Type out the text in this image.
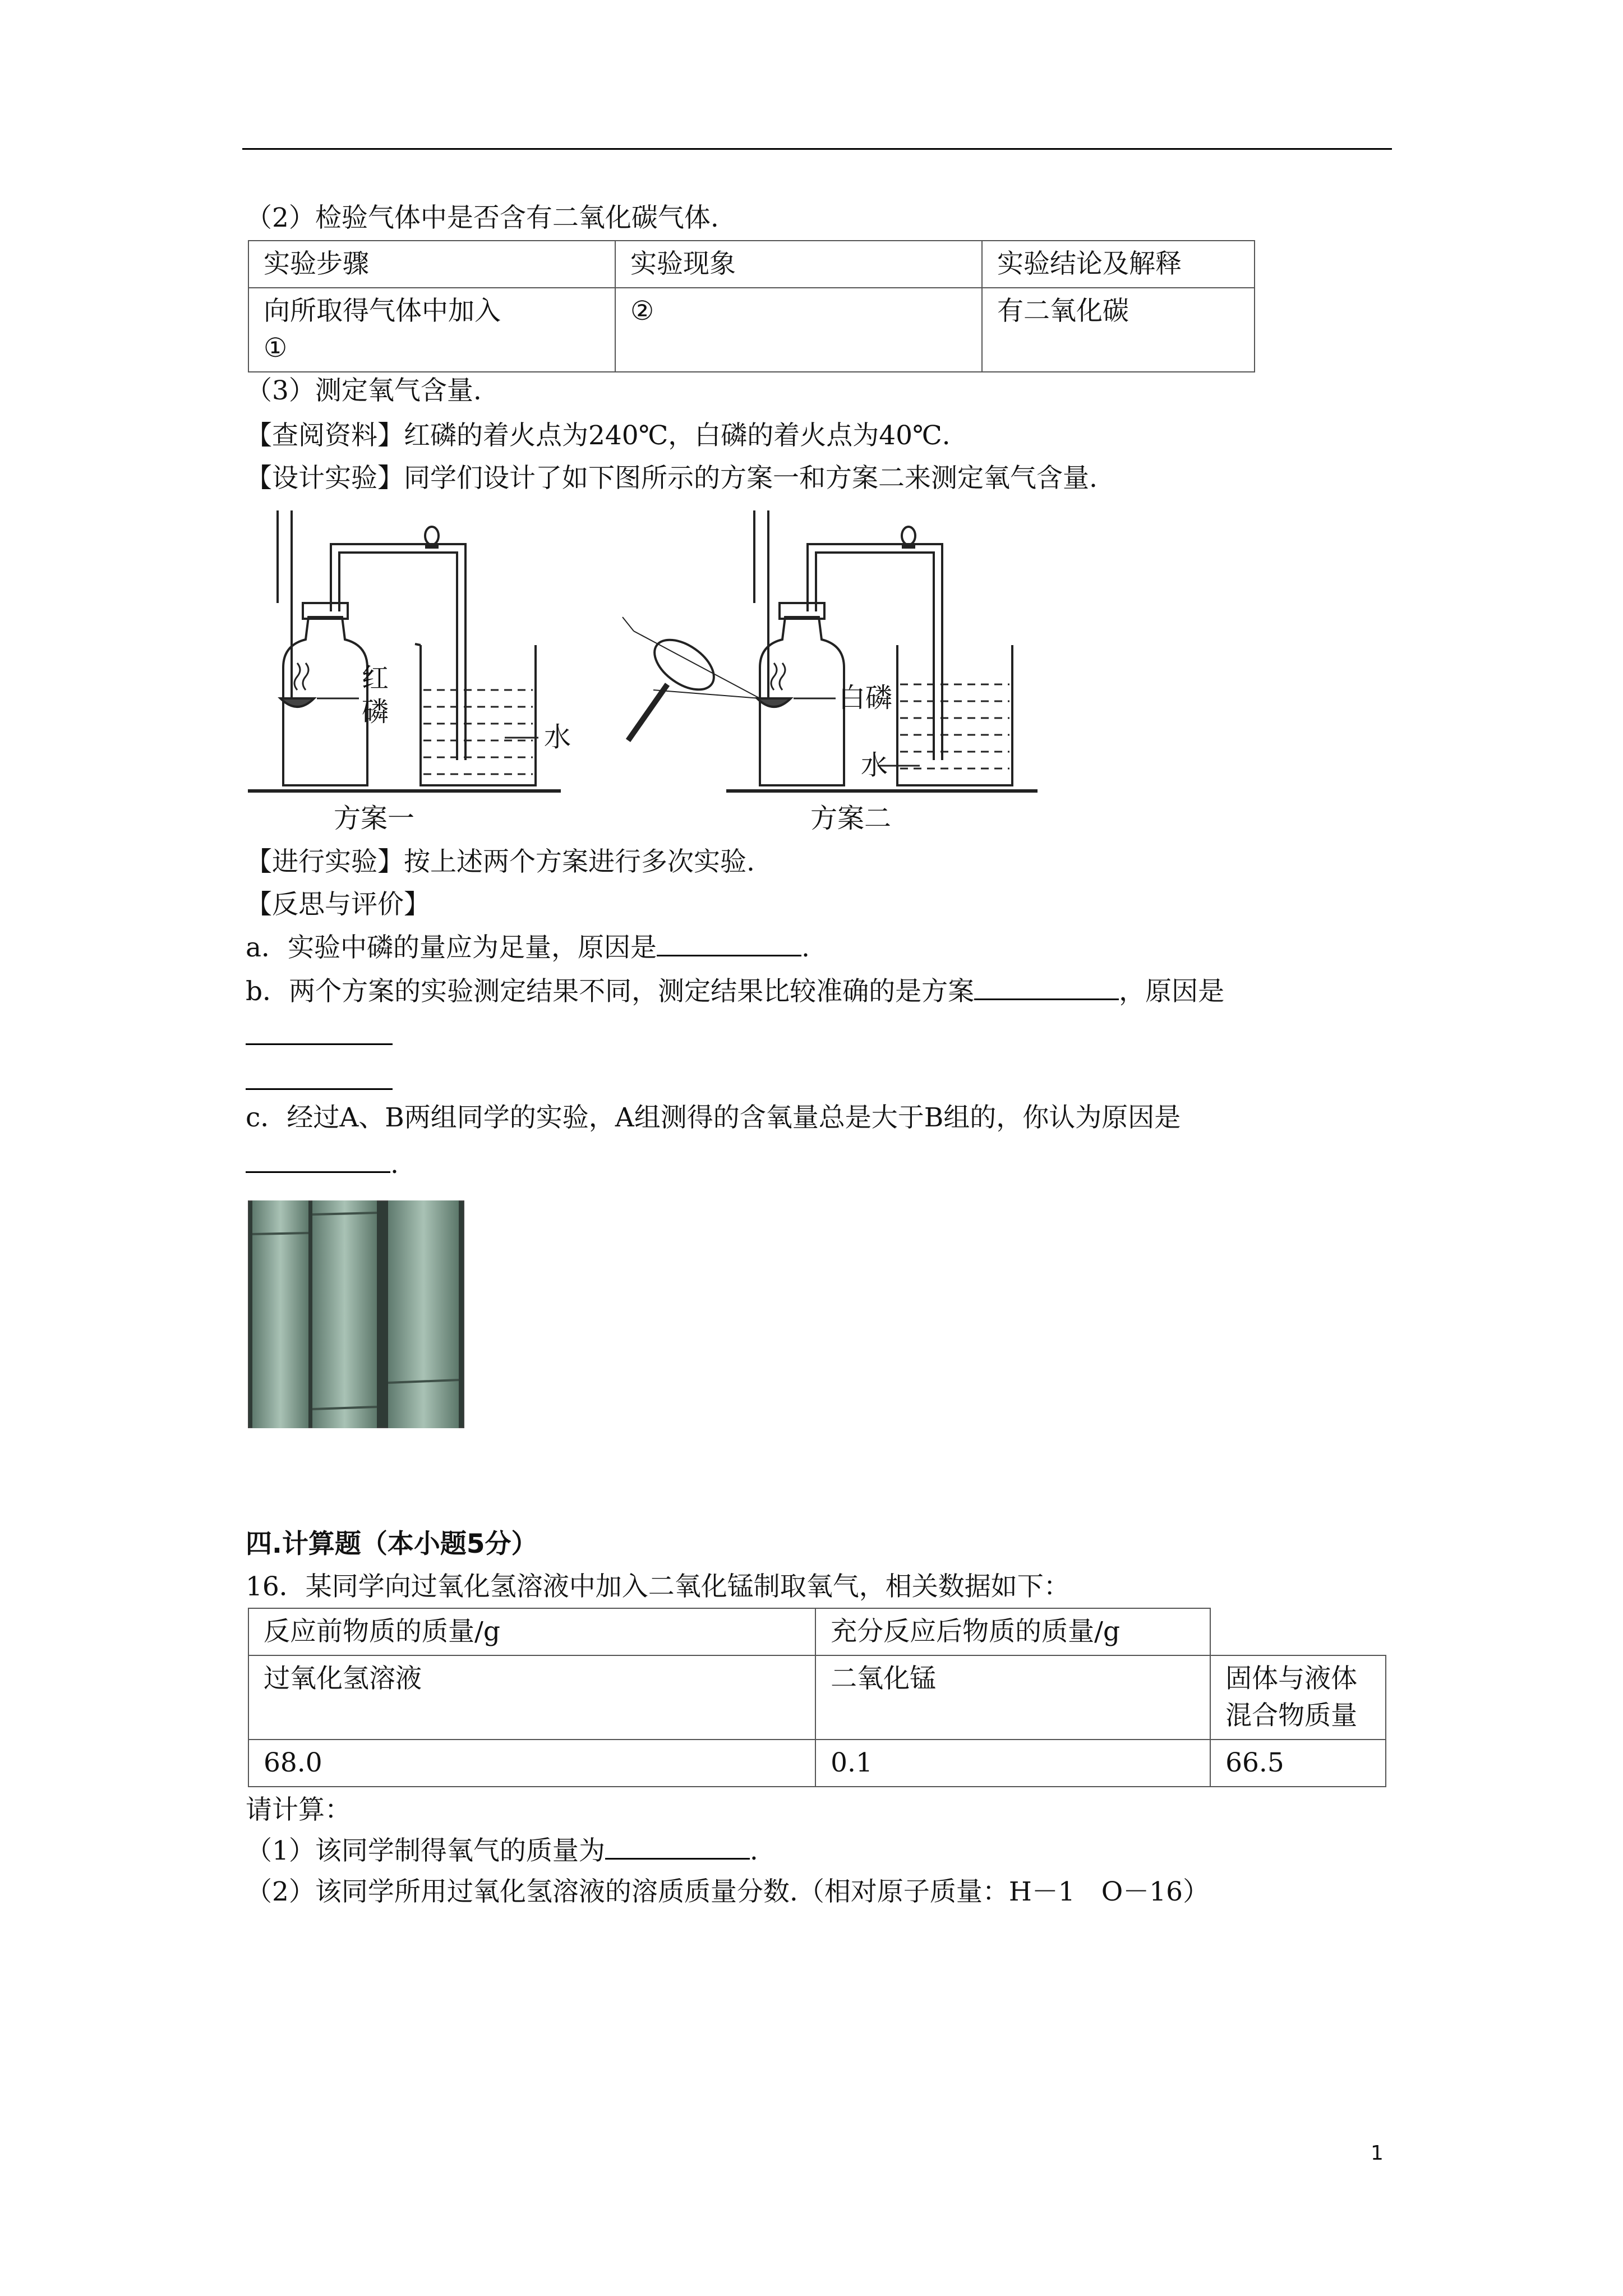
（2）检验气体中是否含有二氧化碳气体.
实验步骤	实验现象	实验结论及解释
向所取得气体中加入
①	②	有二氧化碳
（3）测定氧气含量.
【查阅资料】红磷的着火点为240℃，白磷的着火点为40℃.
【设计实验】同学们设计了如下图所示的方案一和方案二来测定氧气含量.
红
磷
水
白磷
水
方案一	方案二
【进行实验】按上述两个方案进行多次实验.
【反思与评价】
a．实验中磷的量应为足量，原因是	.
b．两个方案的实验测定结果不同，测定结果比较准确的是方案	，原因是
c．经过A、B两组同学的实验，A组测得的含氧量总是大于B组的，你认为原因是
.
四.计算题（本小题5分）
16．某同学向过氧化氢溶液中加入二氧化锰制取氧气，相关数据如下：
反应前物质的质量/g	充分反应后物质的质量/g	
过氧化氢溶液	二氧化锰	固体与液体
混合物质量
68.0	0.1	66.5
请计算：
（1）该同学制得氧气的质量为	.
（2）该同学所用过氧化氢溶液的溶质质量分数.（相对原子质量：H－1　O－16）
1
